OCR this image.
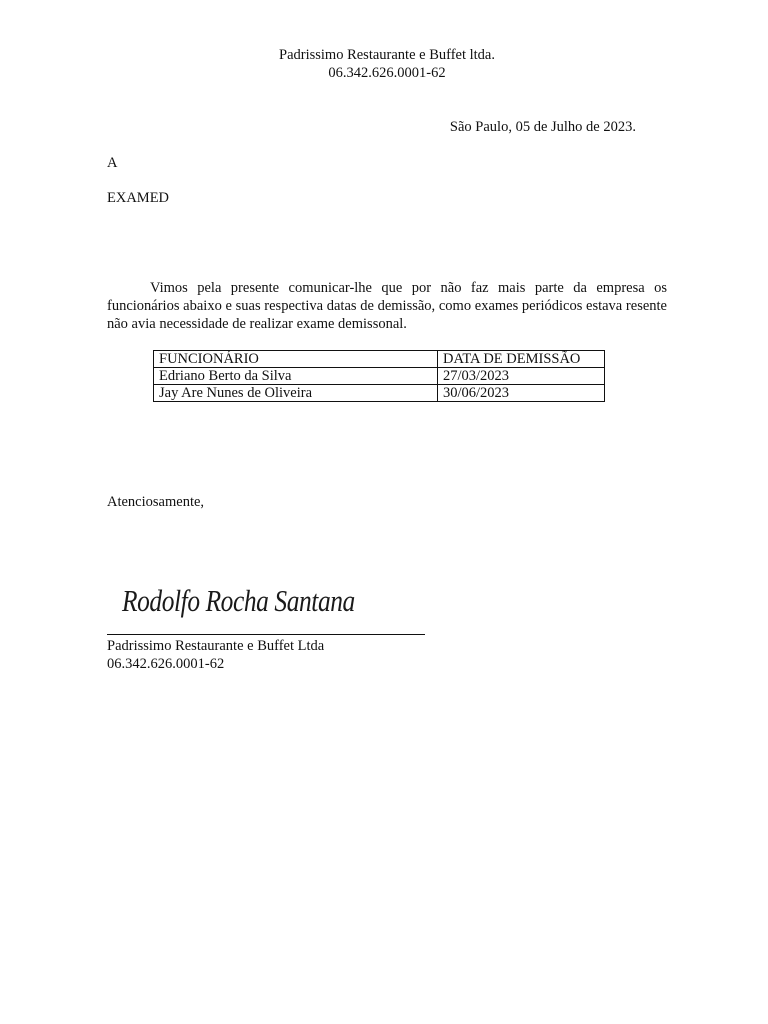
Padrissimo Restaurante e Buffet ltda.
06.342.626.0001-62
São Paulo, 05 de Julho de 2023.
A
EXAMED

Vimos pela presente comunicar-lhe que por não faz mais parte da empresa os funcionários abaixo e suas respectiva datas de demissão, como exames periódicos estava resente não avia necessidade de realizar exame demissonal.

FUNCIONÁRIO	DATA DE DEMISSÃO
Edriano Berto da Silva	27/03/2023
Jay Are Nunes de Oliveira	30/06/2023
Atenciosamente,
Rodolfo Rocha Santana
Padrissimo Restaurante e Buffet Ltda
06.342.626.0001-62
